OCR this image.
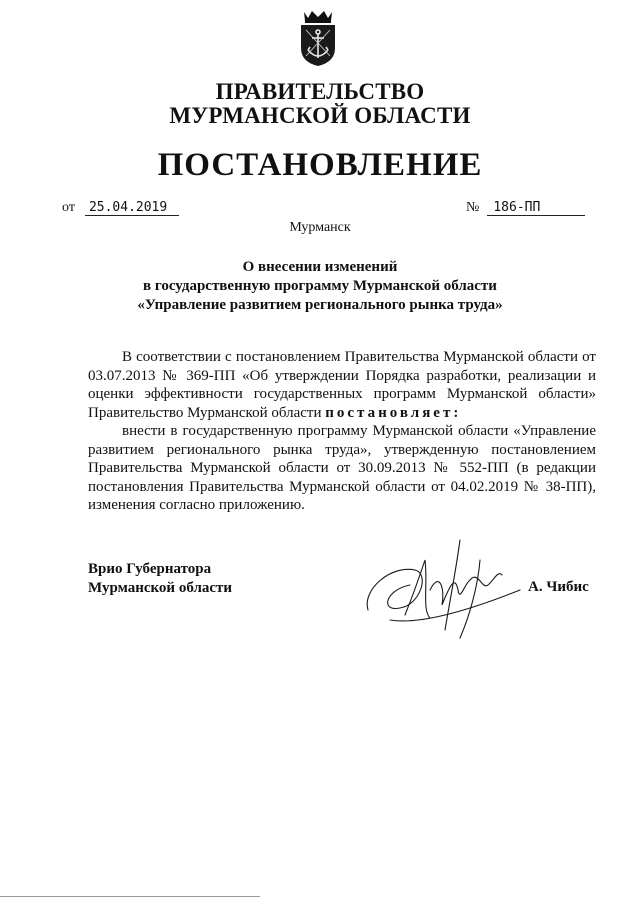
ПРАВИТЕЛЬСТВО
МУРМАНСКОЙ ОБЛАСТИ
ПОСТАНОВЛЕНИЕ
от 25.04.2019	№ 186-ПП
Мурманск
О внесении изменений
в государственную программу Мурманской области
«Управление развитием регионального рынка труда»
В соответствии с постановлением Правительства Мурманской области от 03.07.2013 № 369-ПП «Об утверждении Порядка разработки, реализации и оценки эффективности государственных программ Мурманской области» Правительство Мурманской области постановляет:
внести в государственную программу Мурманской области «Управление развитием регионального рынка труда», утвержденную постановлением Правительства Мурманской области от 30.09.2013 № 552-ПП (в редакции постановления Правительства Мурманской области от 04.02.2019 № 38-ПП), изменения согласно приложению.
Врио Губернатора
Мурманской области	А. Чибис
